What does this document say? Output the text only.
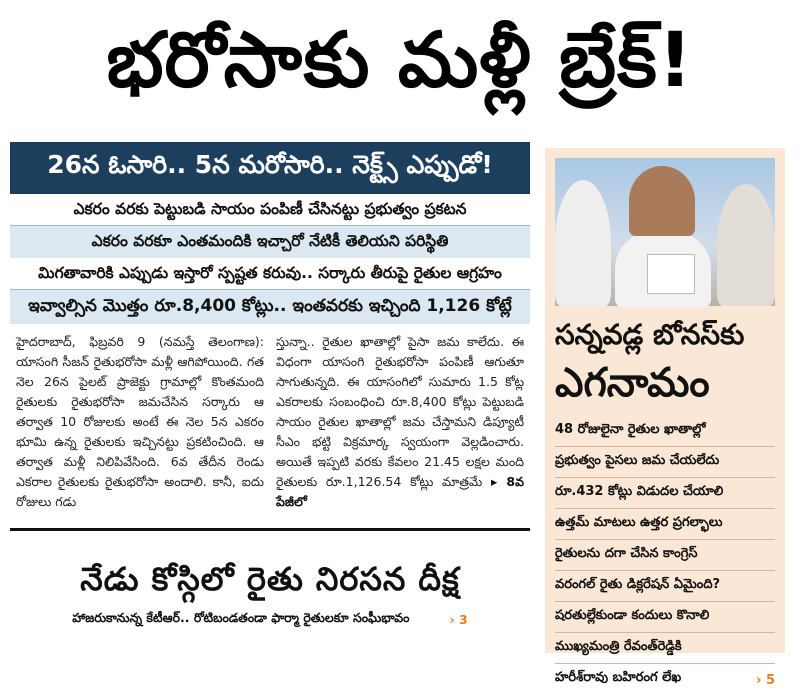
భరోసాకు మళ్లీ బ్రేక్!
26న ఓసారి.. 5న మరోసారి.. నెక్ట్స్ ఎప్పుడో!
ఎకరం వరకు పెట్టుబడి సాయం పంపిణీ చేసినట్టు ప్రభుత్వం ప్రకటన
ఎకరం వరకూ ఎంతమందికి ఇచ్చారో నేటికీ తెలియని పరిస్థితి
మిగతావారికి ఎప్పుడు ఇస్తారో స్పష్టత కరువు.. సర్కారు తీరుపై రైతుల ఆగ్రహం
ఇవ్వాల్సిన మొత్తం రూ.8,400 కోట్లు.. ఇంతవరకు ఇచ్చింది 1,126 కోట్లే
హైదరాబాద్, ఫిబ్రవరి 9 (నమస్తే తెలంగాణ): యాసంగి సీజన్ రైతుభరోసా మళ్లీ ఆగిపోయింది. గత నెల 26న పైలట్ ప్రాజెక్టు గ్రామాల్లో కొంతమంది రైతులకు రైతుభరోసా జమచేసిన సర్కారు ఆ తర్వాత 10 రోజులకు అంటే ఈ నెల 5న ఎకరం భూమి ఉన్న రైతులకు ఇచ్చినట్టు ప్రకటించింది. ఆ తర్వాత మళ్లీ నిలిపివేసింది. 6వ తేదీన రెండు ఎకరాల రైతులకు రైతుభరోసా అందాలి. కానీ, ఐదు రోజులు గడు
స్తున్నా.. రైతుల ఖాతాల్లో పైసా జమ కాలేదు. ఈ విధంగా యాసంగి రైతుభరోసా పంపిణీ ఆగుతూ సాగుతున్నది. ఈ యాసంగిలో సుమారు 1.5 కోట్ల ఎకరాలకు సంబంధించి రూ.8,400 కోట్లు పెట్టుబడి సాయం రైతుల ఖాతాల్లో జమ చేస్తామని డిప్యూటీ సీఎం భట్టి విక్రమార్క స్వయంగా వెల్లడించారు. అయితే ఇప్పటి వరకు కేవలం 21.45 లక్షల మంది రైతులకు రూ.1,126.54 కోట్లు మాత్రమే ▸ 8వ పేజీలో
నేడు కోస్గిలో రైతు నిరసన దీక్ష
హాజరుకానున్న కేటీఆర్.. రోటిబండతండా ఫార్మా రైతులకూ సంఘీభావం	› 3
సన్నవడ్ల బోనస్‌కు
ఎగనామం
48 రోజులైనా రైతుల ఖాతాల్లో
ప్రభుత్వం పైసలు జమ చేయలేదు
రూ.432 కోట్లు విడుదల చేయాలి
ఉత్తమ్ మాటలు ఉత్తర ప్రగల్భాలు
రైతులను దగా చేసిన కాంగ్రెస్
వరంగల్ రైతు డిక్లరేషన్ ఏమైంది?
షరతుల్లేకుండా కందులు కొనాలి
ముఖ్యమంత్రి రేవంత్‌రెడ్డికి
హరీశ్‌రావు బహిరంగ లేఖ	› 5
